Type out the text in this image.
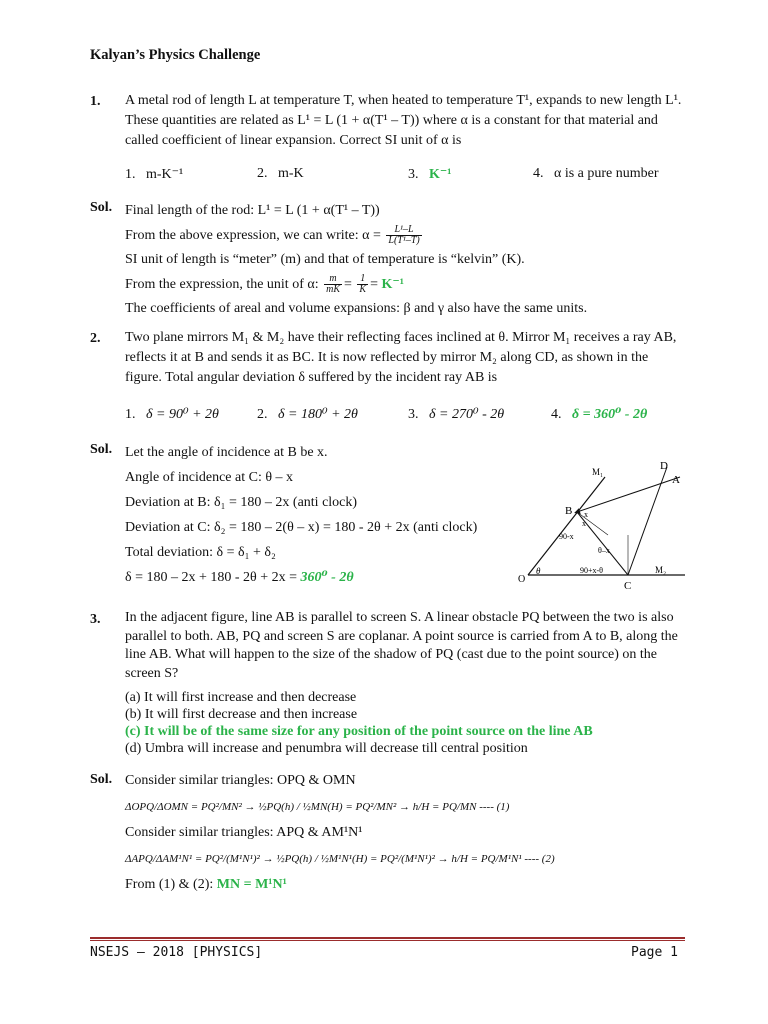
Kalyan’s Physics Challenge
1. A metal rod of length L at temperature T, when heated to temperature T¹, expands to new length L¹.
These quantities are related as L¹ = L (1 + α(T¹ – T)) where α is a constant for that material and
called coefficient of linear expansion. Correct SI unit of α is
1. m-K⁻¹	2. m-K	3. K⁻¹	4. α is a pure number
Sol. Final length of the rod: L¹ = L (1 + α(T¹ – T))
From the above expression, we can write: $\alpha = \frac{\text{L¹–L}}{\text{L(T¹–T)}}$
SI unit of length is “meter” (m) and that of temperature is “kelvin” (K).
From the expression, the unit of α: $\frac{m}{mK} = \frac{1}{K} = K^{-1}$
The coefficients of areal and volume expansions: β and γ also have the same units.
2. Two plane mirrors M₁ & M₂ have their reflecting faces inclined at θ. Mirror M₁ receives a ray AB,
reflects it at B and sends it as BC. It is now reflected by mirror M₂ along CD, as shown in the
figure. Total angular deviation δ suffered by the incident ray AB is
1. δ = 90⁰ + 2θ	2. δ = 180⁰ + 2θ	3. δ = 270⁰ - 2θ	4. δ = 360⁰ - 2θ
Sol. Let the angle of incidence at B be x.
Angle of incidence at C: θ – x
Deviation at B: δ₁ = 180 – 2x (anti clock)
Deviation at C: δ₂ = 180 – 2(θ – x) = 180 - 2θ + 2x (anti clock)
Total deviation: δ = δ₁ + δ₂
δ = 180 – 2x + 180 - 2θ + 2x = 360⁰ - 2θ	O
B
C
D
A
M₁
M₂
θ
x
x
90-x
θ–x
90+x-θ
3. In the adjacent figure, line AB is parallel to screen S. A linear obstacle PQ between the two is also
parallel to both. AB, PQ and screen S are coplanar. A point source is carried from A to B, along the
line AB. What will happen to the size of the shadow of PQ (cast due to the point source) on the
screen S?
(a) It will first increase and then decrease
(b) It will first decrease and then increase
(c) It will be of the same size for any position of the point source on the line AB
(d) Umbra will increase and penumbra will decrease till central position
Sol. Consider similar triangles: OPQ & OMN
ΔOPQ/ΔOMN = PQ²/MN² → ½PQ(h) / ½MN(H) = PQ²/MN² → h/H = PQ/MN ---- (1)
Consider similar triangles: APQ & AM¹N¹
ΔAPQ/ΔAM¹N¹ = PQ²/(M¹N¹)² → ½PQ(h) / ½M¹N¹(H) = PQ²/(M¹N¹)² → h/H = PQ/M¹N¹ ---- (2)
From (1) & (2): MN = M¹N¹
NSEJS – 2018 [PHYSICS]	Page 1
